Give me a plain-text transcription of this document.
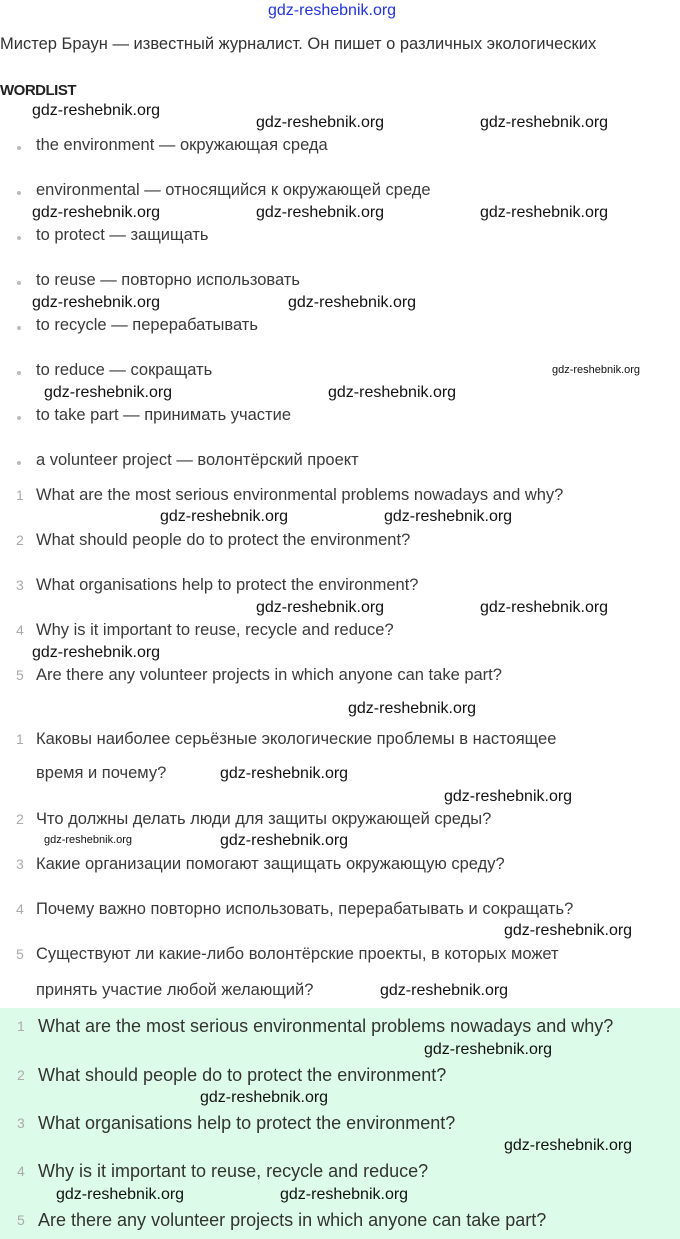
gdz-reshebnik.org
Мистер Браун — известный журналист. Он пишет о различных экологических
WORDLIST
the environment — окружающая среда
environmental — относящийся к окружающей среде
to protect — защищать
to reuse — повторно использовать
to recycle — перерабатывать
to reduce — сокращать
to take part — принимать участие
a volunteer project — волонтёрский проект
1 What are the most serious environmental problems nowadays and why?
2 What should people do to protect the environment?
3 What organisations help to protect the environment?
4 Why is it important to reuse, recycle and reduce?
5 Are there any volunteer projects in which anyone can take part?
1 Каковы наиболее серьёзные экологические проблемы в настоящее
время и почему?
2 Что должны делать люди для защиты окружающей среды?
3 Какие организации помогают защищать окружающую среду?
4 Почему важно повторно использовать, перерабатывать и сокращать?
5 Существуют ли какие-либо волонтёрские проекты, в которых может
принять участие любой желающий?
1 What are the most serious environmental problems nowadays and why?
2 What should people do to protect the environment?
3 What organisations help to protect the environment?
4 Why is it important to reuse, recycle and reduce?
5 Are there any volunteer projects in which anyone can take part?
gdz-reshebnik.org
gdz-reshebnik.org	gdz-reshebnik.org
gdz-reshebnik.org	gdz-reshebnik.org	gdz-reshebnik.org
gdz-reshebnik.org	gdz-reshebnik.org
gdz-reshebnik.org
gdz-reshebnik.org	gdz-reshebnik.org
gdz-reshebnik.org	gdz-reshebnik.org
gdz-reshebnik.org	gdz-reshebnik.org
gdz-reshebnik.org
gdz-reshebnik.org
gdz-reshebnik.org
gdz-reshebnik.org
gdz-reshebnik.org	gdz-reshebnik.org
gdz-reshebnik.org
gdz-reshebnik.org
gdz-reshebnik.org
gdz-reshebnik.org
gdz-reshebnik.org
gdz-reshebnik.org	gdz-reshebnik.org
